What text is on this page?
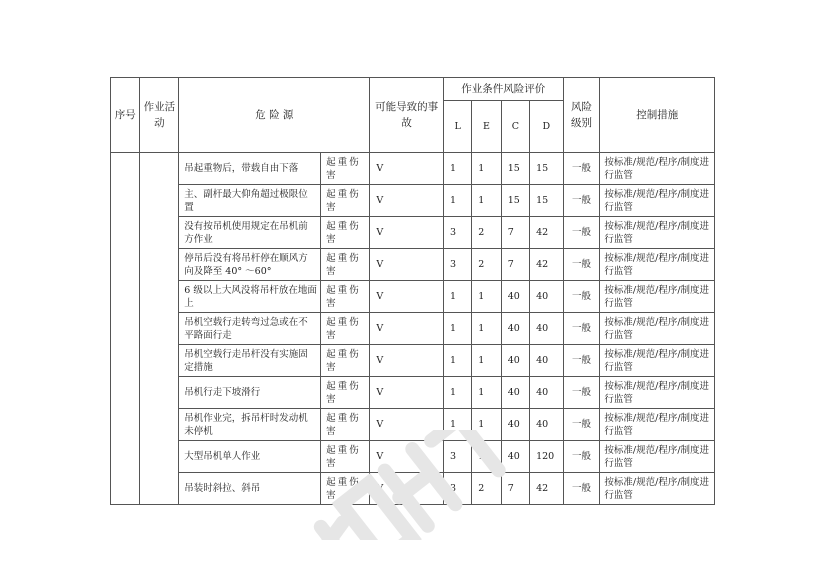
序号	作业活动	危 险 源		可能导致的事故	作业条件风险评价				风险级别	控制措施
					L	E	C	D		
		吊起重物后，带载自由下落	起重伤害	V	1	1	15	15	一般	按标准/规范/程序/制度进行监管
		主、副杆最大仰角超过极限位置	起重伤害	V	1	1	15	15	一般	按标准/规范/程序/制度进行监管
		没有按吊机使用规定在吊机前方作业	起重伤害	V	3	2	7	42	一般	按标准/规范/程序/制度进行监管
		停吊后没有将吊杆停在顺风方向及降至 40° ～60°	起重伤害	V	3	2	7	42	一般	按标准/规范/程序/制度进行监管
		6 级以上大风没将吊杆放在地面上	起重伤害	V	1	1	40	40	一般	按标准/规范/程序/制度进行监管
		吊机空载行走转弯过急或在不平路面行走	起重伤害	V	1	1	40	40	一般	按标准/规范/程序/制度进行监管
		吊机空载行走吊杆没有实施固定措施	起重伤害	V	1	1	40	40	一般	按标准/规范/程序/制度进行监管
		吊机行走下坡滑行	起重伤害	V	1	1	40	40	一般	按标准/规范/程序/制度进行监管
		吊机作业完，拆吊杆时发动机未停机	起重伤害	V	1	1	40	40	一般	按标准/规范/程序/制度进行监管
		大型吊机单人作业	起重伤害	V	3	1	40	120	一般	按标准/规范/程序/制度进行监管
		吊装时斜拉、斜吊	起重伤害	V	3	2	7	42	一般	按标准/规范/程序/制度进行监管
